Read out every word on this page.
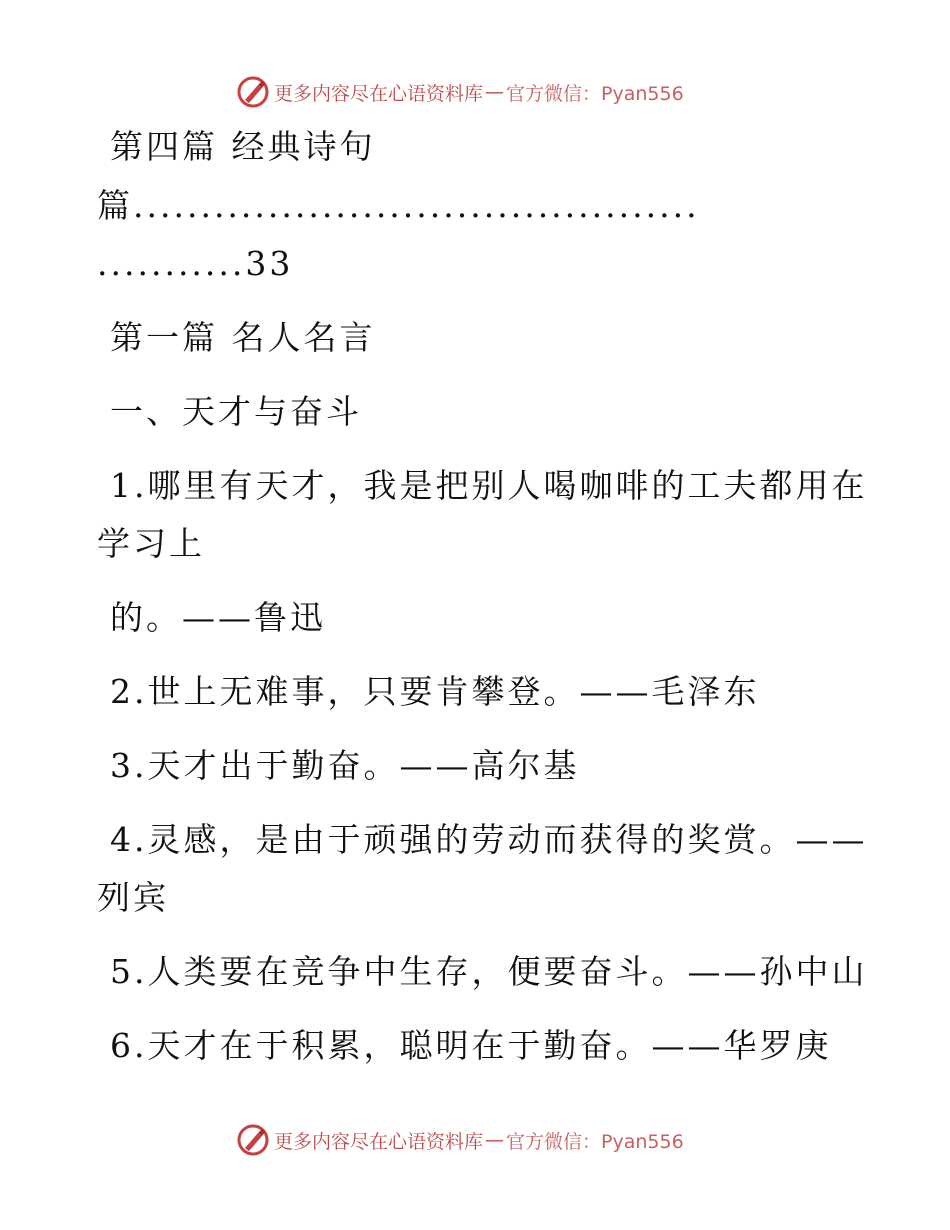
更多内容尽在心语资料库 — 官方微信：Pyan556
第四篇 经典诗句
篇..........................................
...........33
第一篇 名人名言
一、天才与奋斗
1.哪里有天才，我是把别人喝咖啡的工夫都用在
学习上
的。——鲁迅
2.世上无难事，只要肯攀登。——毛泽东
3.天才出于勤奋。——高尔基
4.灵感，是由于顽强的劳动而获得的奖赏。——
列宾
5.人类要在竞争中生存，便要奋斗。——孙中山
6.天才在于积累，聪明在于勤奋。——华罗庚
更多内容尽在心语资料库 — 官方微信：Pyan556
